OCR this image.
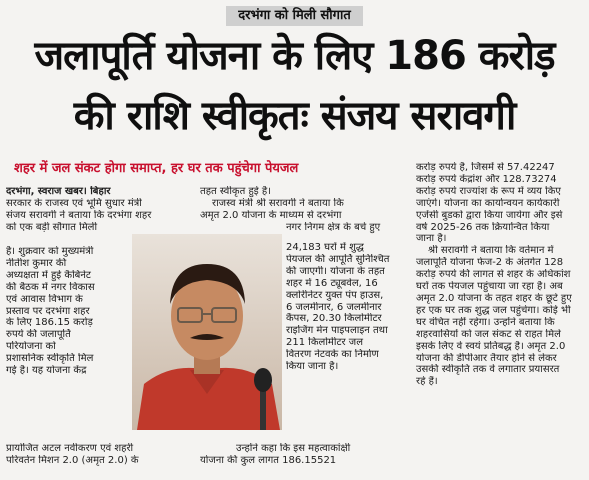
दरभंगा को मिली सौगात
जलापूर्ति योजना के लिए 186 करोड़
की राशि स्वीकृतः संजय सरावगी
शहर में जल संकट होगा समाप्त, हर घर तक पहुंचेगा पेयजल
दरभंगा, स्वराज खबर। बिहार
सरकार के राजस्व एवं भूमि सुधार मंत्री
संजय सरावगी ने बताया कि दरभंगा शहर
को एक बड़ी सौगात मिली
है। शुक्रवार को मुख्यमंत्री
नीतीश कुमार की
अध्यक्षता में हुई कैबिनेट
की बैठक में नगर विकास
एवं आवास विभाग के
प्रस्ताव पर दरभंगा शहर
के लिए 186.15 करोड़
रुपये की जलापूर्ति
परियोजना को
प्रशासनिक स्वीकृति मिल
गई है। यह योजना केंद्र
प्रायोजित अटल नवीकरण एवं शहरी
परिवर्तन मिशन 2.0 (अमृत 2.0) के
तहत स्वीकृत हुई है।
राजस्व मंत्री श्री सरावगी ने बताया कि
अमृत 2.0 योजना के माध्यम से दरभंगा
नगर निगम क्षेत्र के बचे हुए
24,183 घरों में शुद्ध
पेयजल की आपूर्ति सुनिश्चित
की जाएगी। योजना के तहत
शहर में 16 ट्यूबवेल, 16
क्लोरीनेटर युक्त पंप हाउस,
6 जलमीनार, 6 जलमीनार
कैंपस, 20.30 किलोमीटर
राइजिंग मेन पाइपलाइन तथा
211 किलोमीटर जल
वितरण नेटवर्क का निर्माण
किया जाना है।
उन्होंने कहा कि इस महत्वाकांक्षी
योजना की कुल लागत 186.15521
करोड़ रुपये है, जिसमें से 57.42247
करोड़ रुपये केंद्रांश और 128.73274
करोड़ रुपये राज्यांश के रूप में व्यय किए
जाएंगे। योजना का कार्यान्वयन कार्यकारी
एजेंसी बुडको द्वारा किया जायेगा और इसे
वर्ष 2025-26 तक क्रियान्वित किया
जाना है।
श्री सरावगी ने बताया कि वर्तमान में
जलापूर्ति योजना फेज-2 के अंतर्गत 128
करोड़ रुपये की लागत से शहर के अधिकांश
घरों तक पेयजल पहुंचाया जा रहा है। अब
अमृत 2.0 योजना के तहत शहर के छूटे हुए
हर एक घर तक शुद्ध जल पहुंचेगा। कोई भी
घर वंचित नहीं रहेगा। उन्होंने बताया कि
शहरवासियों को जल संकट से राहत मिले
इसके लिए वे स्वयं प्रतिबद्ध है। अमृत 2.0
योजना की डीपीआर तैयार होने से लेकर
उसकी स्वीकृति तक वे लगातार प्रयासरत
रहे हैं।
